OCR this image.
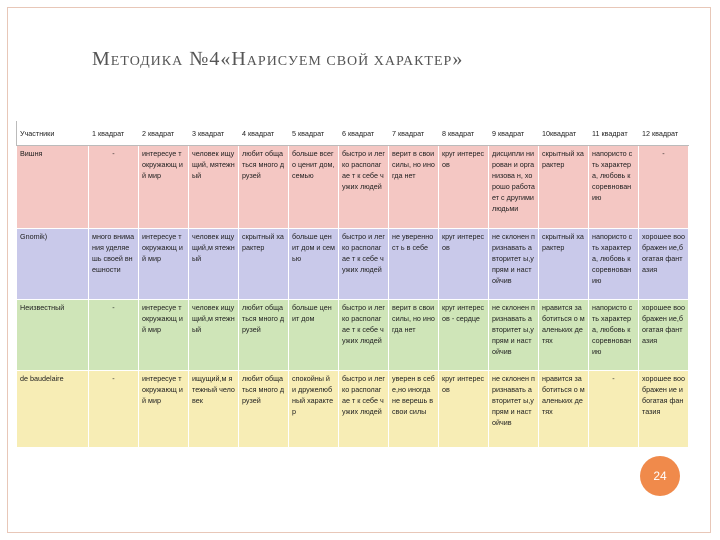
МЕТОДИКА №4«НАРИСУЕМ СВОЙ ХАРАКТЕР»
Участники	1 квадрат	2 квадрат	3 квадрат	4 квадрат	5 квадрат	6 квадрат	7 квадрат	8 квадрат	9 квадрат	10квадрат	11 квадрат	12 квадрат
Вишня	-	интересуе т окружающ ий мир	человек ищущий, мятежный	любит общаться много друзей	больше всего ценит дом,семью	быстро и легко располагае т к себе чужих людей	верит в свои силы, но иногда нет	круг интересов	дисципли нирован и организова н, хорошо работает с другими людьми	скрытный характер	напористо сть характера, любовь к соревнован ию	-
Gnomik)	много внимания уделяешь своей внешности	интересуе т окружающ ий мир	человек ищущий,м ятежный	скрытный характер	больше ценит дом и семью	быстро и легко располагае т к себе чужих людей	не уверенност ь в себе	круг интересов	не склонен признавать авторитет ы,упрям и настойчив	скрытный характер	напористо сть характера, любовь к соревнован ию	хорошее воображен ие,богатая фантазия
Неизвестный	-	интересуе т окружающ ий мир	человек ищущий,м ятежный	любит общаться много друзей	больше ценит дом	быстро и легко располагае т к себе чужих людей	верит в свои силы, но иногда нет	круг интересов - сердце	не склонен признавать авторитет ы,упрям и настойчив	нравится заботиться о маленьких детях	напористо сть характера, любовь к соревнован ию	хорошее воображен ие,богатая фантазия
de baudelaire	-	интересуе т окружающ ий мир	ищущий,м ятежный человек	любит общаться много друзей	спокойны й и дружелюб ный характер	быстро и легко располагае т к себе чужих людей	уверен в себе,но иногда не верешь в свои силы	круг интересов	не склонен признавать авторитет ы,упрям и настойчив	нравится заботиться о маленьких детях	-	хорошее воображен ие и богатая фантазия
24
